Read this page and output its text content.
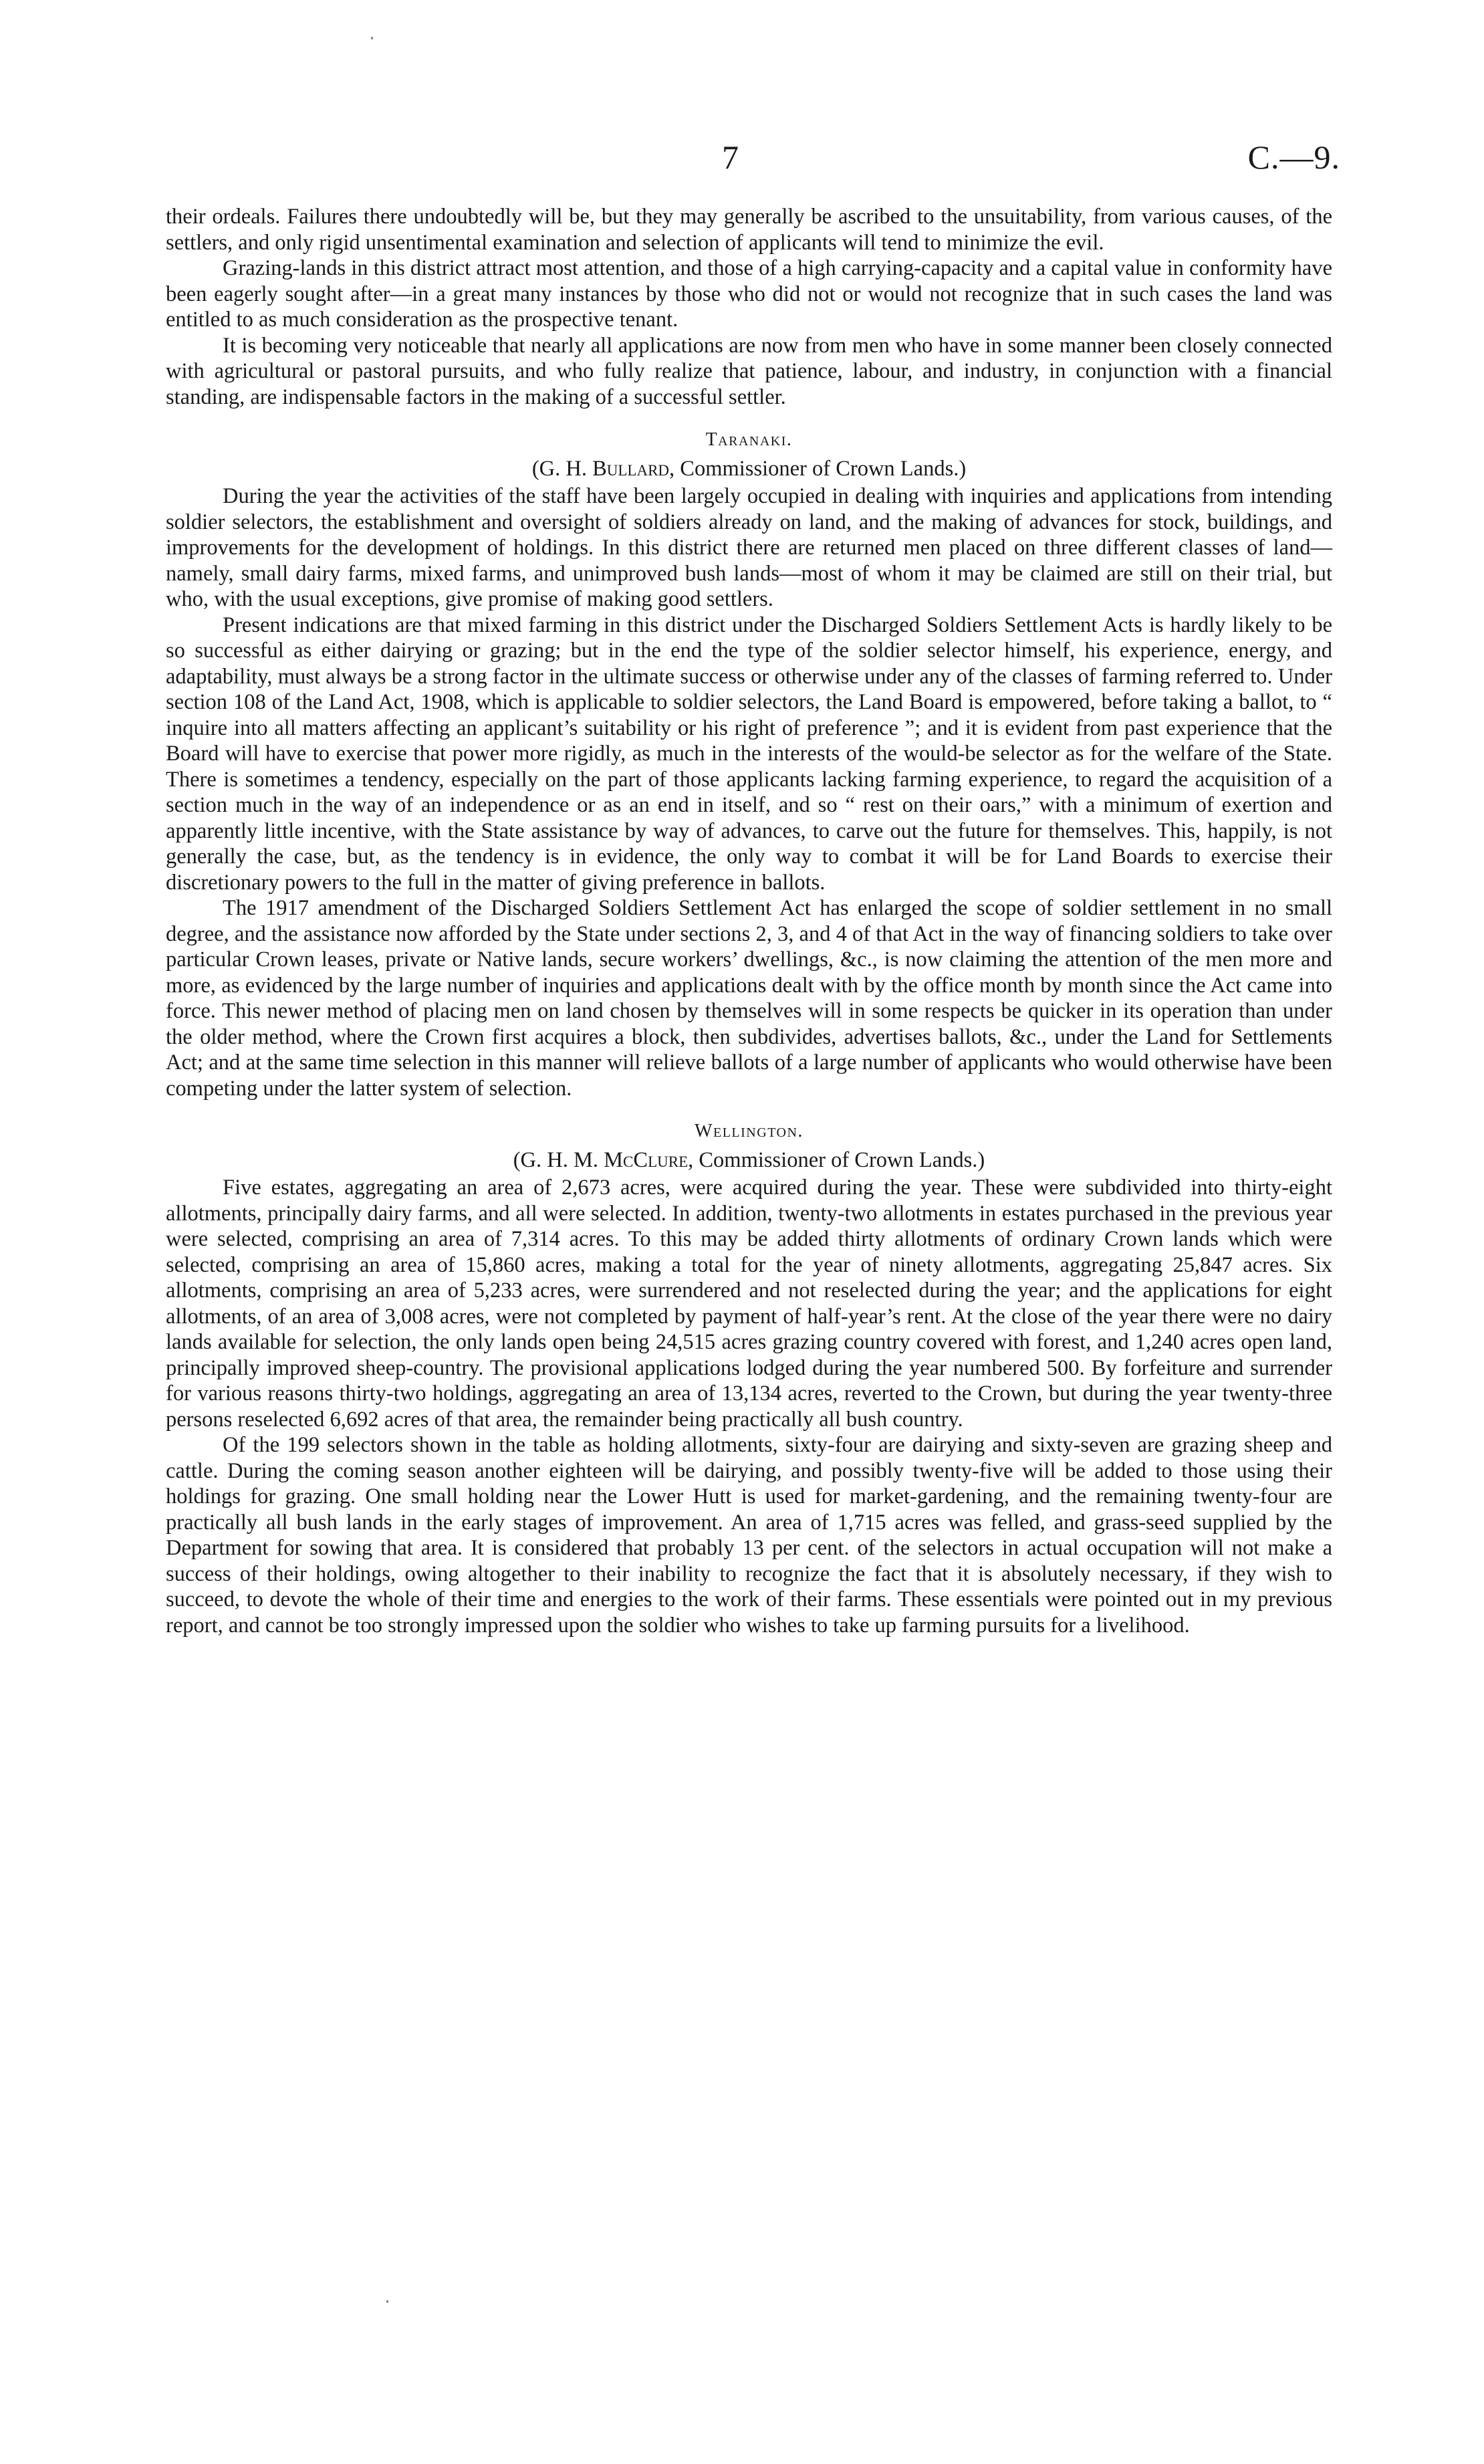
7	C.—9.

their ordeals. Failures there undoubtedly will be, but they may generally be ascribed to the unsuitability, from various causes, of the settlers, and only rigid unsentimental examination and selection of applicants will tend to minimize the evil.

Grazing-lands in this district attract most attention, and those of a high carrying-capacity and a capital value in conformity have been eagerly sought after—in a great many instances by those who did not or would not recognize that in such cases the land was entitled to as much consideration as the prospective tenant.

It is becoming very noticeable that nearly all applications are now from men who have in some manner been closely connected with agricultural or pastoral pursuits, and who fully realize that patience, labour, and industry, in conjunction with a financial standing, are indispensable factors in the making of a successful settler.

Taranaki.
(G. H. Bullard, Commissioner of Crown Lands.)

During the year the activities of the staff have been largely occupied in dealing with inquiries and applications from intending soldier selectors, the establishment and oversight of soldiers already on land, and the making of advances for stock, buildings, and improvements for the development of holdings. In this district there are returned men placed on three different classes of land—namely, small dairy farms, mixed farms, and unimproved bush lands—most of whom it may be claimed are still on their trial, but who, with the usual exceptions, give promise of making good settlers.

Present indications are that mixed farming in this district under the Discharged Soldiers Settlement Acts is hardly likely to be so successful as either dairying or grazing; but in the end the type of the soldier selector himself, his experience, energy, and adaptability, must always be a strong factor in the ultimate success or otherwise under any of the classes of farming referred to. Under section 108 of the Land Act, 1908, which is applicable to soldier selectors, the Land Board is empowered, before taking a ballot, to “ inquire into all matters affecting an applicant’s suitability or his right of preference ”; and it is evident from past experience that the Board will have to exercise that power more rigidly, as much in the interests of the would-be selector as for the welfare of the State. There is sometimes a tendency, especially on the part of those applicants lacking farming experience, to regard the acquisition of a section much in the way of an independence or as an end in itself, and so “ rest on their oars,” with a minimum of exertion and apparently little incentive, with the State assistance by way of advances, to carve out the future for themselves. This, happily, is not generally the case, but, as the tendency is in evidence, the only way to combat it will be for Land Boards to exercise their discretionary powers to the full in the matter of giving preference in ballots.

The 1917 amendment of the Discharged Soldiers Settlement Act has enlarged the scope of soldier settlement in no small degree, and the assistance now afforded by the State under sections 2, 3, and 4 of that Act in the way of financing soldiers to take over particular Crown leases, private or Native lands, secure workers’ dwellings, &c., is now claiming the attention of the men more and more, as evidenced by the large number of inquiries and applications dealt with by the office month by month since the Act came into force. This newer method of placing men on land chosen by themselves will in some respects be quicker in its operation than under the older method, where the Crown first acquires a block, then subdivides, advertises ballots, &c., under the Land for Settlements Act; and at the same time selection in this manner will relieve ballots of a large number of applicants who would otherwise have been competing under the latter system of selection.

Wellington.
(G. H. M. McClure, Commissioner of Crown Lands.)

Five estates, aggregating an area of 2,673 acres, were acquired during the year. These were subdivided into thirty-eight allotments, principally dairy farms, and all were selected. In addition, twenty-two allotments in estates purchased in the previous year were selected, comprising an area of 7,314 acres. To this may be added thirty allotments of ordinary Crown lands which were selected, comprising an area of 15,860 acres, making a total for the year of ninety allotments, aggregating 25,847 acres. Six allotments, comprising an area of 5,233 acres, were surrendered and not reselected during the year; and the applications for eight allotments, of an area of 3,008 acres, were not completed by payment of half-year’s rent. At the close of the year there were no dairy lands available for selection, the only lands open being 24,515 acres grazing country covered with forest, and 1,240 acres open land, principally improved sheep-country. The provisional applications lodged during the year numbered 500. By forfeiture and surrender for various reasons thirty-two holdings, aggregating an area of 13,134 acres, reverted to the Crown, but during the year twenty-three persons reselected 6,692 acres of that area, the remainder being practically all bush country.

Of the 199 selectors shown in the table as holding allotments, sixty-four are dairying and sixty-seven are grazing sheep and cattle. During the coming season another eighteen will be dairying, and possibly twenty-five will be added to those using their holdings for grazing. One small holding near the Lower Hutt is used for market-gardening, and the remaining twenty-four are practically all bush lands in the early stages of improvement. An area of 1,715 acres was felled, and grass-seed supplied by the Department for sowing that area. It is considered that probably 13 per cent. of the selectors in actual occupation will not make a success of their holdings, owing altogether to their inability to recognize the fact that it is absolutely necessary, if they wish to succeed, to devote the whole of their time and energies to the work of their farms. These essentials were pointed out in my previous report, and cannot be too strongly impressed upon the soldier who wishes to take up farming pursuits for a livelihood.
